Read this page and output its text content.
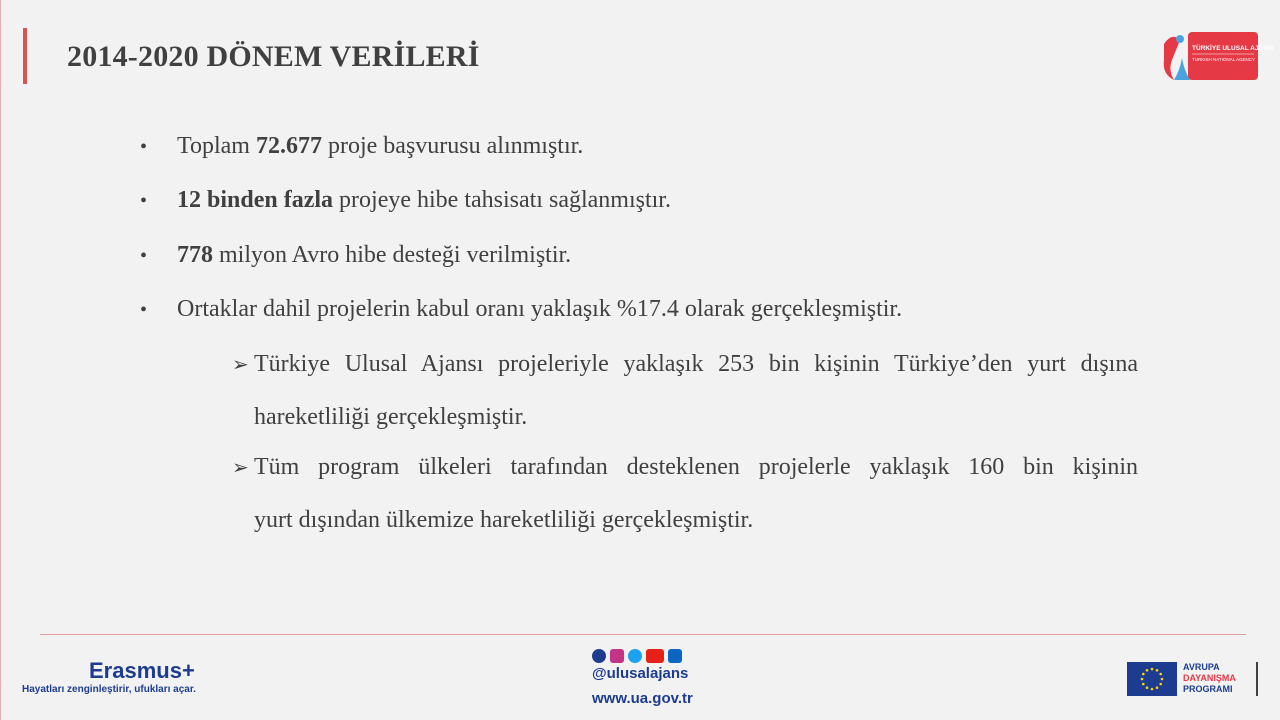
2014-2020 DÖNEM VERİLERİ	TÜRKİYE ULUSAL AJANSI
TURKISH NATIONAL AGENCY
•	Toplam 72.677 proje başvurusu alınmıştır.
•	12 binden fazla projeye hibe tahsisatı sağlanmıştır.
•	778 milyon Avro hibe desteği verilmiştir.
•	Ortaklar dahil projelerin kabul oranı yaklaşık %17.4 olarak gerçekleşmiştir.
➢ Türkiye Ulusal Ajansı projeleriyle yaklaşık 253 bin kişinin Türkiye’den yurt dışına
hareketliliği gerçekleşmiştir.
➢ Tüm program ülkeleri tarafından desteklenen projelerle yaklaşık 160 bin kişinin
yurt dışından ülkemize hareketliliği gerçekleşmiştir.
Erasmus+
Hayatları zenginleştirir, ufukları açar.
@ulusalajans
www.ua.gov.tr
AVRUPA
DAYANIŞMA
PROGRAMI
